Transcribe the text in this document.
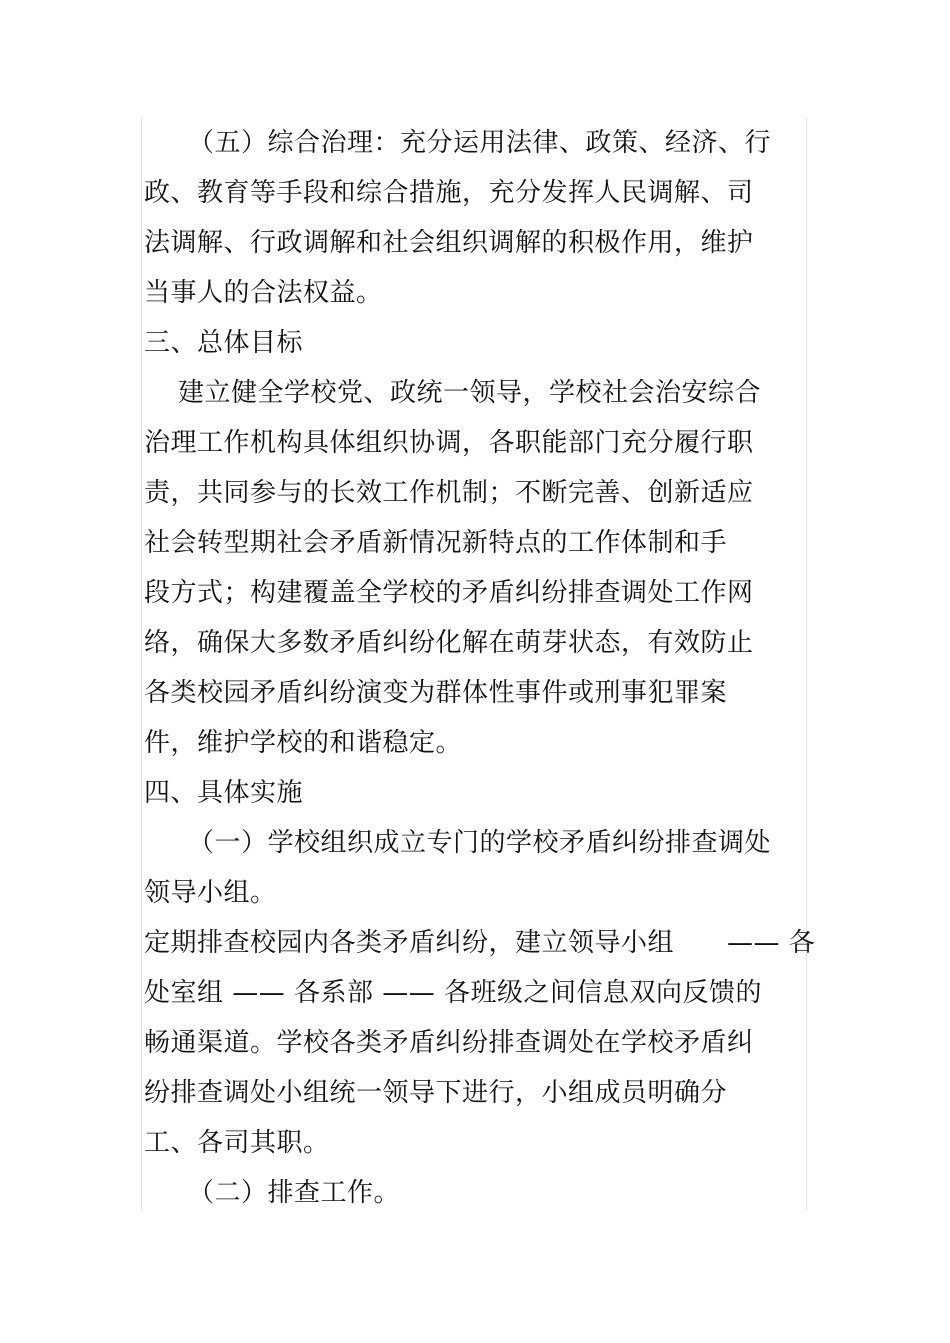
（五）综合治理：充分运用法律、政策、经济、行
政、教育等手段和综合措施，充分发挥人民调解、司
法调解、行政调解和社会组织调解的积极作用，维护
当事人的合法权益。
三、总体目标
建立健全学校党、政统一领导，学校社会治安综合
治理工作机构具体组织协调，各职能部门充分履行职
责，共同参与的长效工作机制；不断完善、创新适应
社会转型期社会矛盾新情况新特点的工作体制和手
段方式；构建覆盖全学校的矛盾纠纷排查调处工作网
络，确保大多数矛盾纠纷化解在萌芽状态，有效防止
各类校园矛盾纠纷演变为群体性事件或刑事犯罪案
件，维护学校的和谐稳定。
四、具体实施
（一）学校组织成立专门的学校矛盾纠纷排查调处
领导小组。
定期排查校园内各类矛盾纠纷，建立领导小组　　—— 各
处室组 —— 各系部 —— 各班级之间信息双向反馈的
畅通渠道。学校各类矛盾纠纷排查调处在学校矛盾纠
纷排查调处小组统一领导下进行，小组成员明确分
工、各司其职。
（二）排查工作。
